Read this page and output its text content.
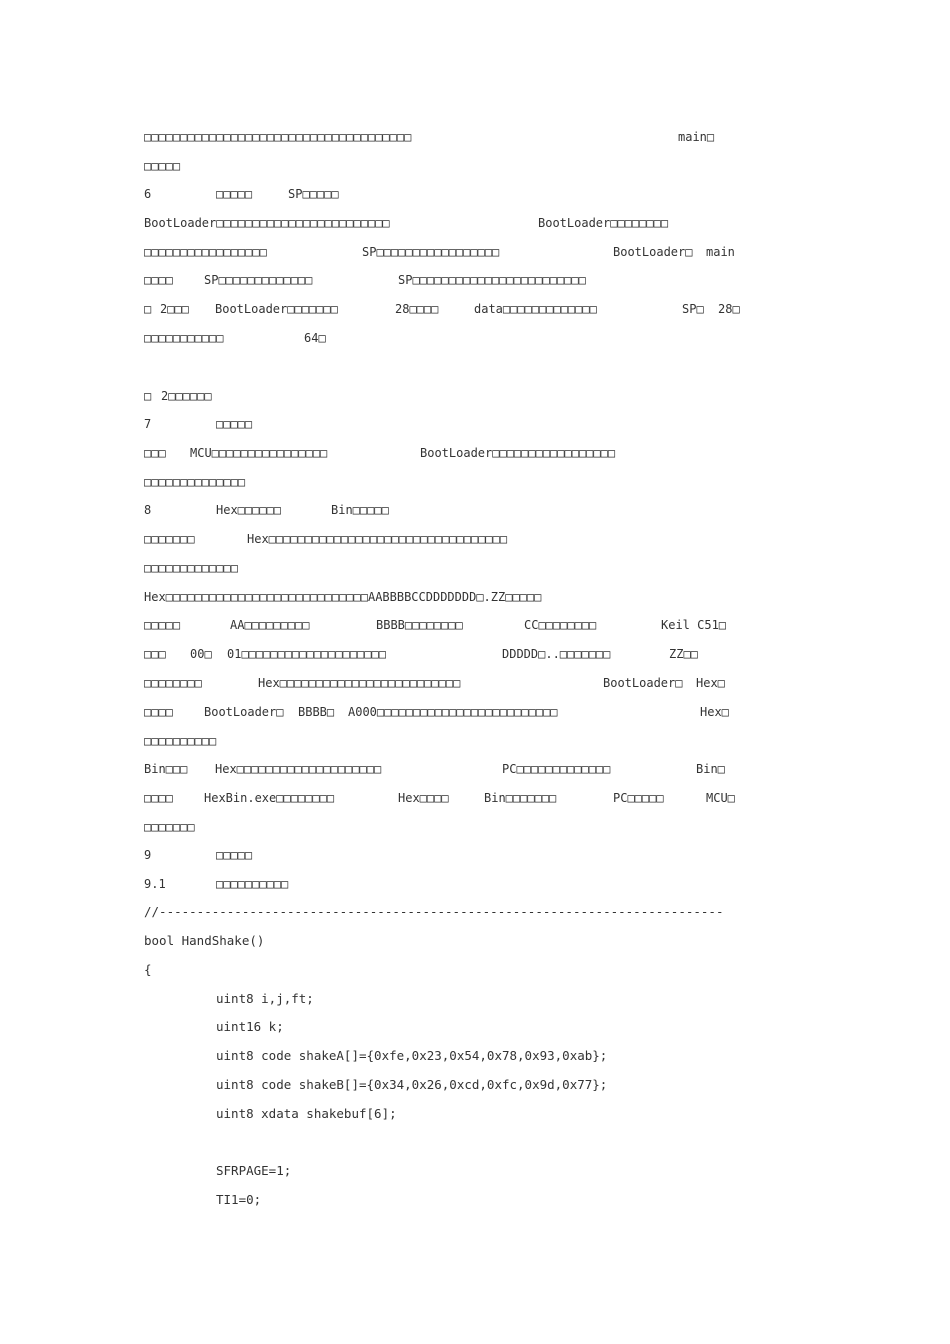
□□□□□□□□□□□□□□□□□□□□□□□□□□□□□□□□□□□□□

	main□

□□□□□

6

	□□□□□

	SP□□□□□

BootLoader□□□□□□□□□□□□□□□□□□□□□□□□

	BootLoader□□□□□□□□

□□□□□□□□□□□□□□□□□

	SP□□□□□□□□□□□□□□□□□

	BootLoader□

main

□□□□

	SP□□□□□□□□□□□□□

	SP□□□□□□□□□□□□□□□□□□□□□□□□

□

2□□□

BootLoader□□□□□□□

	28□□□□

	data□□□□□□□□□□□□□

	SP□

28□

□□□□□□□□□□□

	64□

□

2□□□□□□

7

	□□□□□

□□□

MCU□□□□□□□□□□□□□□□□

	BootLoader□□□□□□□□□□□□□□□□□

□□□□□□□□□□□□□□

8

	Hex□□□□□□

	Bin□□□□□

□□□□□□□

	Hex□□□□□□□□□□□□□□□□□□□□□□□□□□□□□□□□□

□□□□□□□□□□□□□

Hex□□□□□□□□□□□□□□□□□□□□□□□□□□□□AABBBBCCDDDDDDD□.ZZ□□□□□

□□□□□

	AA□□□□□□□□□

	BBBB□□□□□□□□

	CC□□□□□□□□

	Keil C51□

□□□

00□

01□□□□□□□□□□□□□□□□□□□□

	DDDDD□..□□□□□□□

	ZZ□□

□□□□□□□□

	Hex□□□□□□□□□□□□□□□□□□□□□□□□□

	BootLoader□

Hex□

□□□□

	BootLoader□

BBBB□

A000□□□□□□□□□□□□□□□□□□□□□□□□□

	Hex□

□□□□□□□□□□

Bin□□□

Hex□□□□□□□□□□□□□□□□□□□□

	PC□□□□□□□□□□□□□

	Bin□

□□□□

	HexBin.exe□□□□□□□□

	Hex□□□□

	Bin□□□□□□□

	PC□□□□□

	MCU□

□□□□□□□

9

	□□□□□

9.1

	□□□□□□□□□□

//---------------------------------------------------------------------------

bool HandShake()

{

uint8 i,j,ft;

uint16 k;

uint8 code shakeA[]={0xfe,0x23,0x54,0x78,0x93,0xab};

uint8 code shakeB[]={0x34,0x26,0xcd,0xfc,0x9d,0x77};

uint8 xdata shakebuf[6];

SFRPAGE=1;

TI1=0;
